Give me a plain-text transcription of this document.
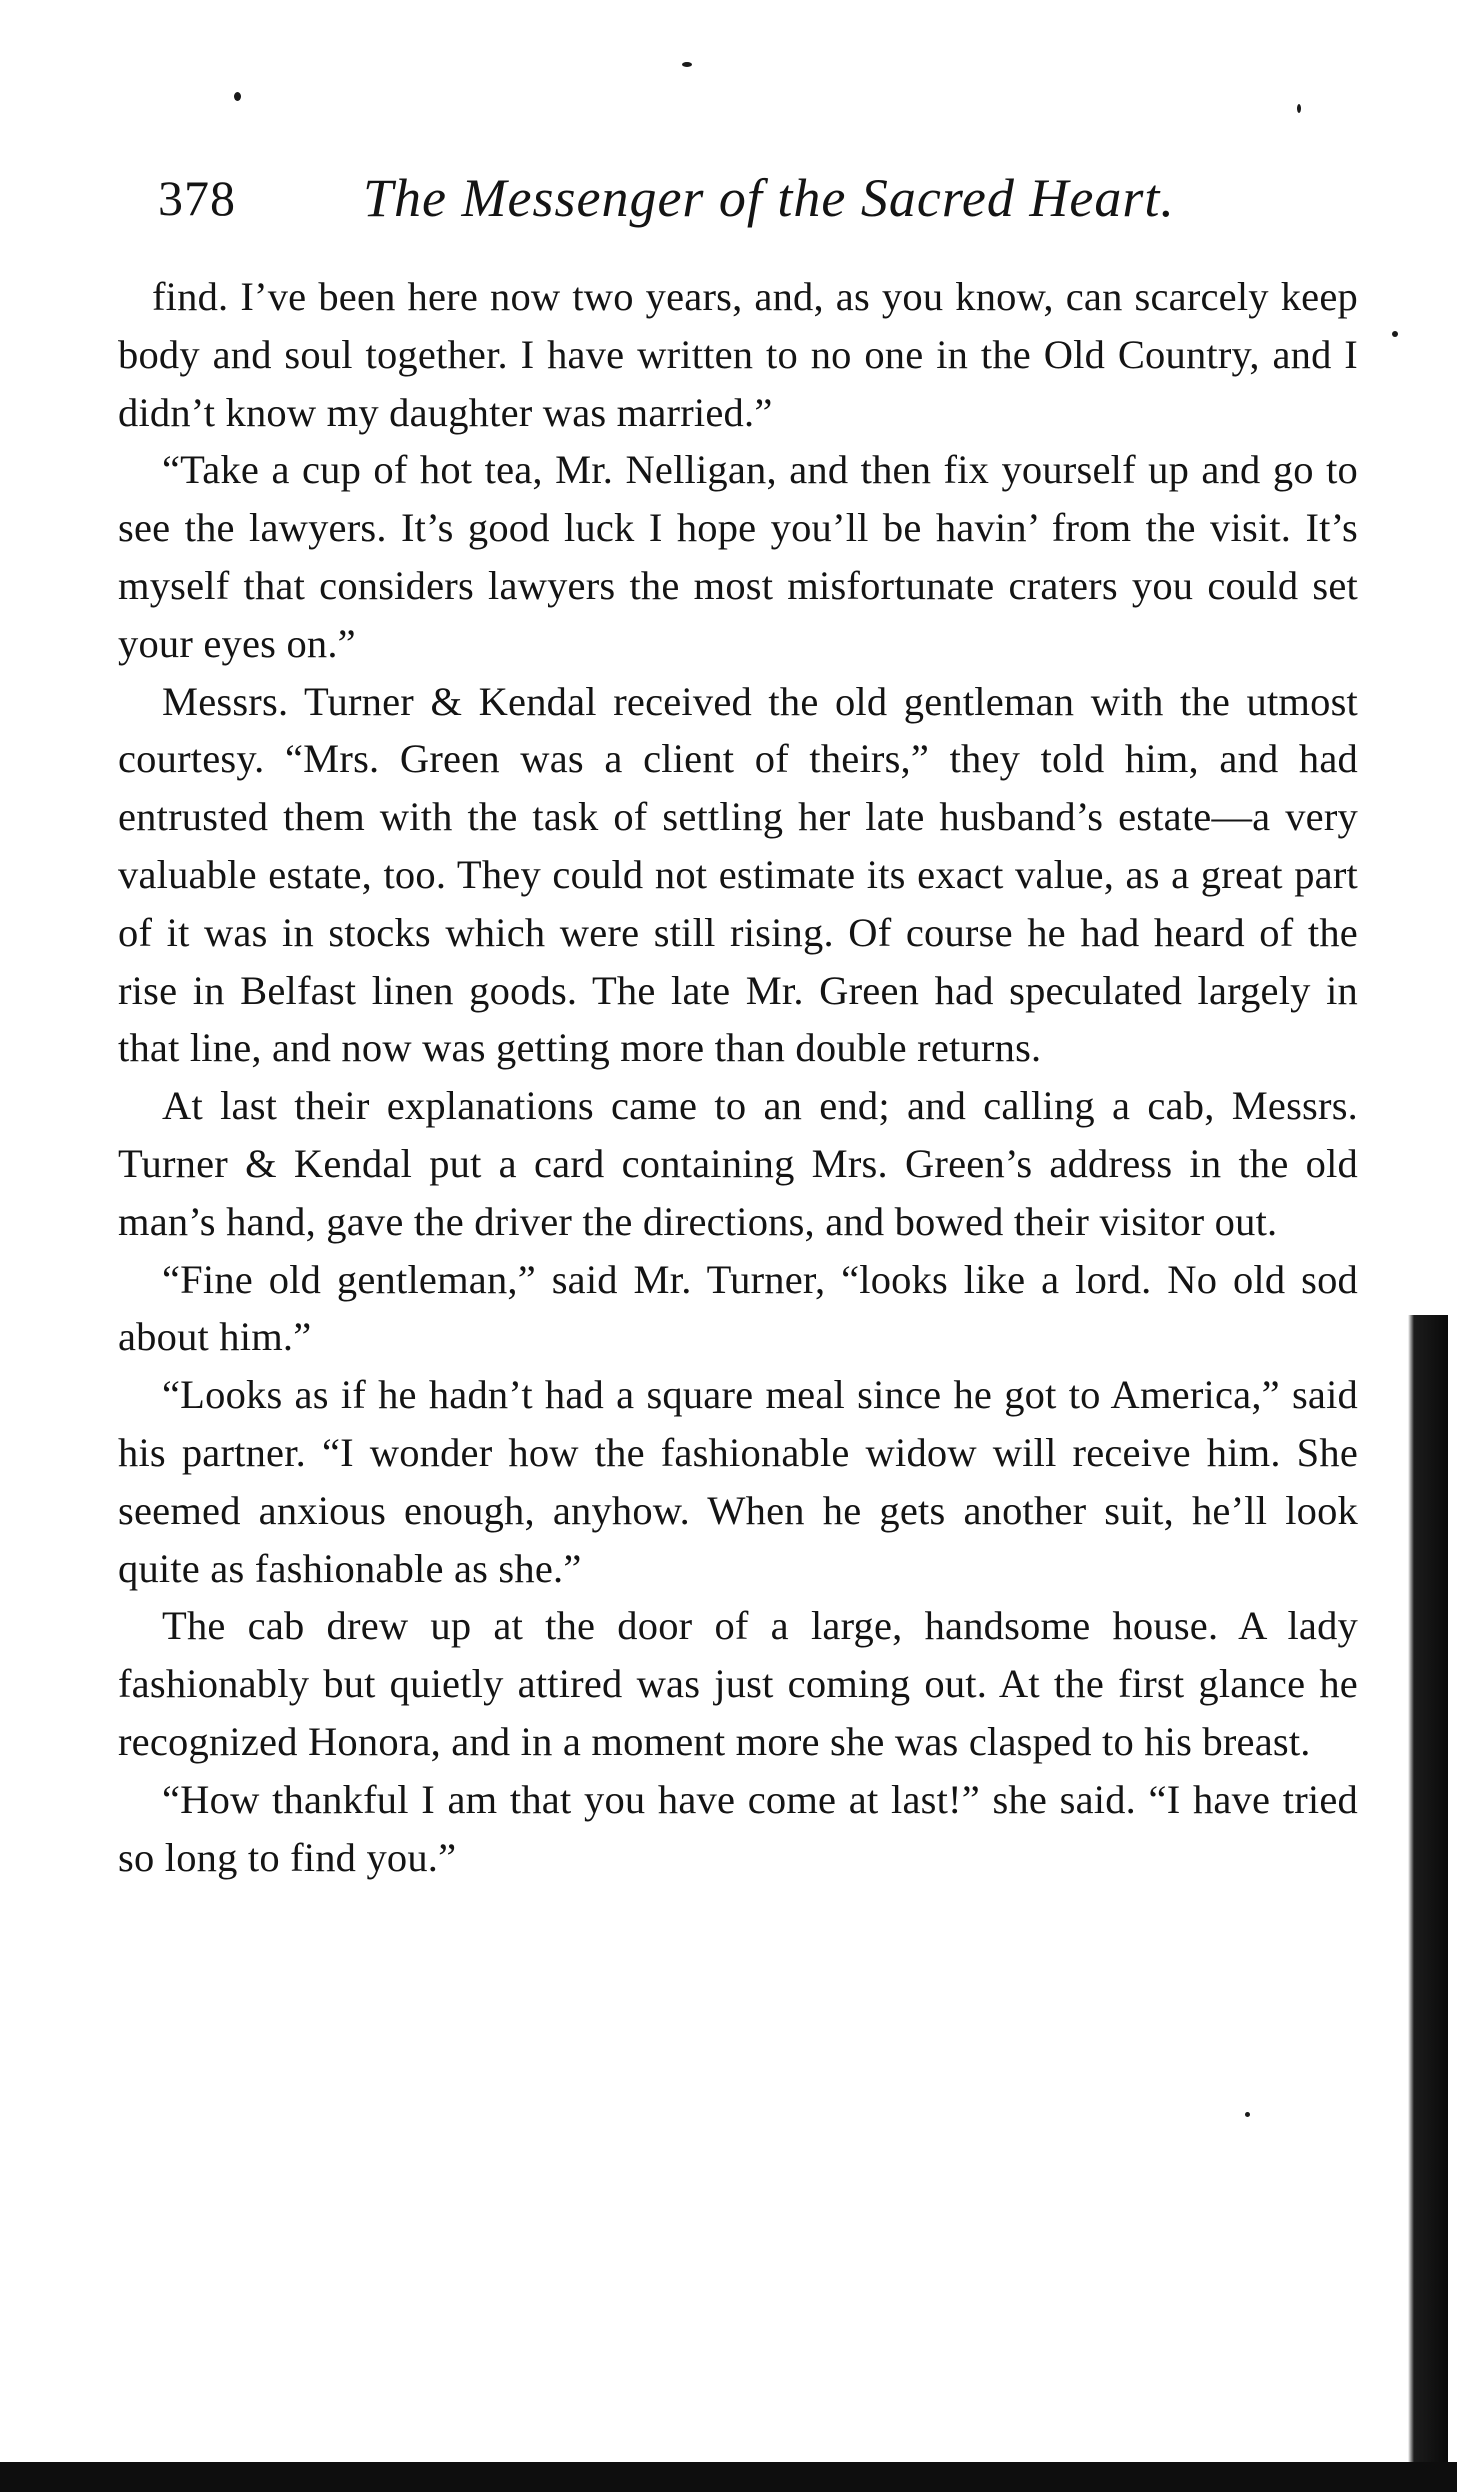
378 The Messenger of the Sacred Heart.

find. I’ve been here now two years, and, as you know, can scarcely keep body and soul together. I have written to no one in the Old Country, and I didn’t know my daughter was married.”

“Take a cup of hot tea, Mr. Nelligan, and then fix yourself up and go to see the lawyers. It’s good luck I hope you’ll be havin’ from the visit. It’s myself that considers lawyers the most misfortunate craters you could set your eyes on.”

Messrs. Turner & Kendal received the old gentleman with the utmost courtesy. “Mrs. Green was a client of theirs,” they told him, and had entrusted them with the task of settling her late husband’s estate—a very valuable estate, too. They could not estimate its exact value, as a great part of it was in stocks which were still rising. Of course he had heard of the rise in Belfast linen goods. The late Mr. Green had speculated largely in that line, and now was getting more than double returns.

At last their explanations came to an end; and calling a cab, Messrs. Turner & Kendal put a card containing Mrs. Green’s address in the old man’s hand, gave the driver the directions, and bowed their visitor out.

“Fine old gentleman,” said Mr. Turner, “looks like a lord. No old sod about him.”

“Looks as if he hadn’t had a square meal since he got to America,” said his partner. “I wonder how the fashionable widow will receive him. She seemed anxious enough, anyhow. When he gets another suit, he’ll look quite as fashionable as she.”

The cab drew up at the door of a large, handsome house. A lady fashionably but quietly attired was just coming out. At the first glance he recognized Honora, and in a moment more she was clasped to his breast.

“How thankful I am that you have come at last!” she said. “I have tried so long to find you.”
